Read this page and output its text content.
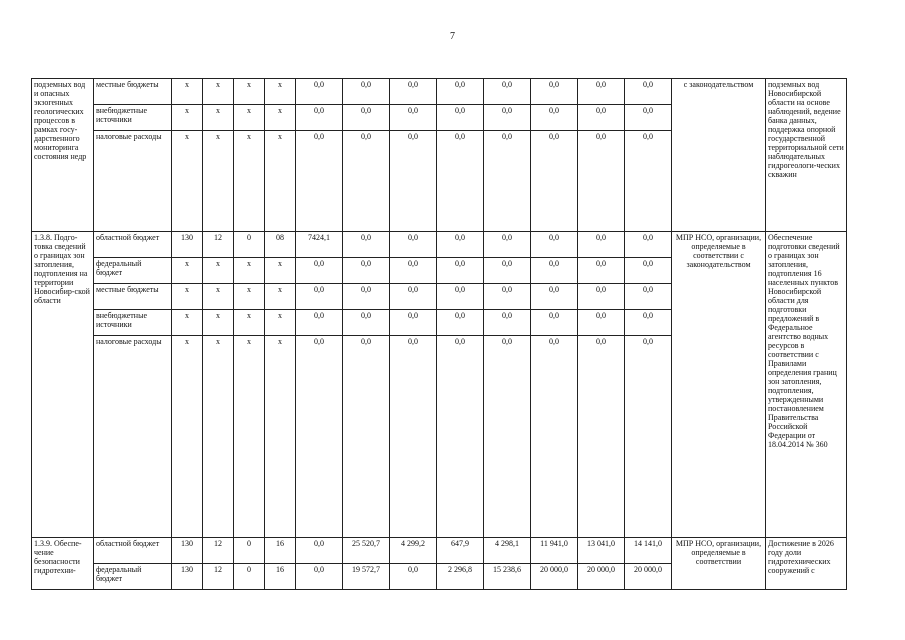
7
подземных вод и опасных экзогенных геологических процессов в рамках госу-дарственного мониторинга состояния недр	местные бюджеты	х	х	х	х	0,0	0,0	0,0	0,0	0,0	0,0	0,0	0,0	с законодательством	подземных вод Новосибирской области на основе наблюдений, ведение банка данных, поддержка опорной государственной территориальной сети наблюдательных гидрогеологи-ческих скважин
	внебюджетные источники	х	х	х	х	0,0	0,0	0,0	0,0	0,0	0,0	0,0	0,0		
	налоговые расходы	х	х	х	х	0,0	0,0	0,0	0,0	0,0	0,0	0,0	0,0		
1.3.8. Подго-товка сведений о границах зон затопления, подтопления на территории Новосибир-ской области	областной бюджет	130	12	0	08	7424,1	0,0	0,0	0,0	0,0	0,0	0,0	0,0	МПР НСО, организации, определяемые в соответствии с законодательством	Обеспечение подготовки сведений о границах зон затопления, подтопления 16 населенных пунктов Новосибирской области для подготовки предложений в Федеральное агентство водных ресурсов в соответствии с Правилами определения границ зон затопления, подтопления, утвержденными постановлением Правительства Российской Федерации от 18.04.2014 № 360
	федеральный бюджет	х	х	х	х	0,0	0,0	0,0	0,0	0,0	0,0	0,0	0,0		
	местные бюджеты	х	х	х	х	0,0	0,0	0,0	0,0	0,0	0,0	0,0	0,0		
	внебюджетные источники	х	х	х	х	0,0	0,0	0,0	0,0	0,0	0,0	0,0	0,0		
	налоговые расходы	х	х	х	х	0,0	0,0	0,0	0,0	0,0	0,0	0,0	0,0		
1.3.9. Обеспе-чение безопасности гидротехни-	областной бюджет	130	12	0	16	0,0	25 520,7	4 299,2	647,9	4 298,1	11 941,0	13 041,0	14 141,0	МПР НСО, организации, определяемые в соответствии	Достижение в 2026 году доли гидротехнических сооружений с
	федеральный бюджет	130	12	0	16	0,0	19 572,7	0,0	2 296,8	15 238,6	20 000,0	20 000,0	20 000,0		
